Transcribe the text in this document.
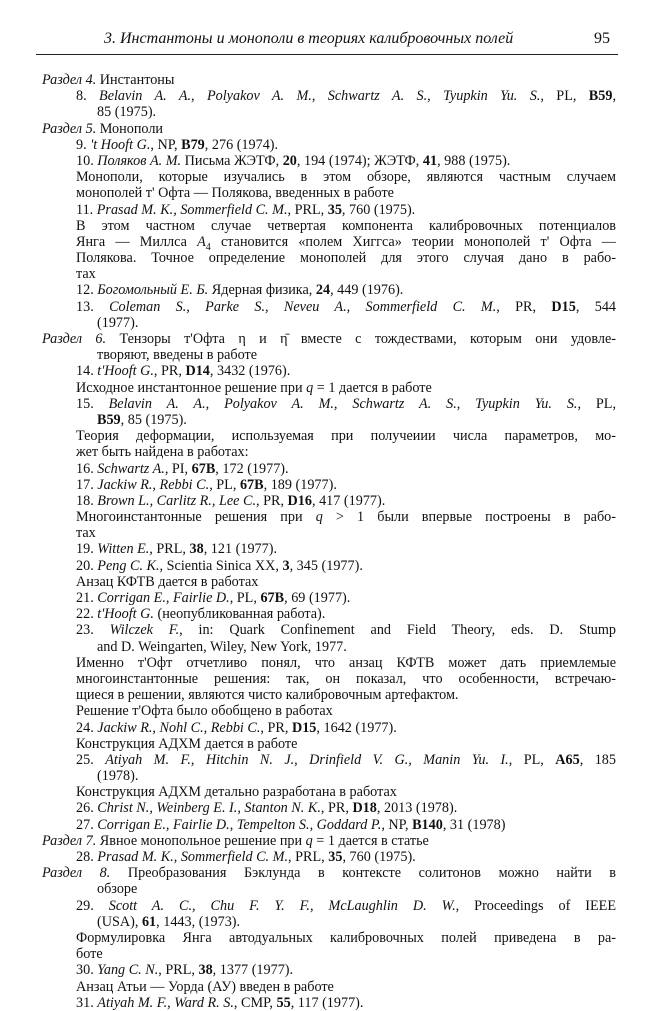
3. Инстантоны и монополи в теориях калибровочных полей	95
Раздел 4. Инстантоны
8. Belavin A. A., Polyakov A. M., Schwartz A. S., Tyupkin Yu. S., PL, B59,
85 (1975).
Раздел 5. Монополи
9. 't Hooft G., NP, B79, 276 (1974).
10. Поляков А. М. Письма ЖЭТФ, 20, 194 (1974); ЖЭТФ, 41, 988 (1975).
Монополи, которые изучались в этом обзоре, являются частным случаем
монополей т' Офта — Полякова, введенных в работе
11. Prasad M. K., Sommerfield C. M., PRL, 35, 760 (1975).
В этом частном случае четвертая компонента калибровочных потенциалов
Янга — Миллса $A_4$ становится «полем Хиггса» теории монополей т' Офта —
Полякова. Точное определение монополей для этого случая дано в рабо-
тах
12. Богомольный Е. Б. Ядерная физика, 24, 449 (1976).
13. Coleman S., Parke S., Neveu A., Sommerfield C. M., PR, D15, 544
(1977).
Раздел 6. Тензоры т'Офта η и η̄ вместе с тождествами, которым они удовле-
творяют, введены в работе
14. t'Hooft G., PR, D14, 3432 (1976).
Исходное инстантонное решение при q = 1 дается в работе
15. Belavin A. A., Polyakov A. M., Schwartz A. S., Tyupkin Yu. S., PL,
B59, 85 (1975).
Теория деформации, используемая при получеиии числа параметров, мо-
жет быть найдена в работах:
16. Schwartz A., PI, 67B, 172 (1977).
17. Jackiw R., Rebbi C., PL, 67B, 189 (1977).
18. Brown L., Carlitz R., Lee C., PR, D16, 417 (1977).
Многоинстантонные решения при q > 1 были впервые построены в рабо-
тах
19. Witten E., PRL, 38, 121 (1977).
20. Peng C. K., Scientia Sinica XX, 3, 345 (1977).
Анзац КФТВ дается в работах
21. Corrigan E., Fairlie D., PL, 67B, 69 (1977).
22. t'Hooft G. (неопубликованная работа).
23. Wilczek F., in: Quark Confinement and Field Theory, eds. D. Stump
and D. Weingarten, Wiley, New York, 1977.
Именно т'Офт отчетливо понял, что анзац КФТВ может дать приемлемые
многоинстантонные решения: так, он показал, что особенности, встречаю-
щиеся в решении, являются чисто калибровочным артефактом.
Решение т'Офта было обобщено в работах
24. Jackiw R., Nohl C., Rebbi C., PR, D15, 1642 (1977).
Конструкция АДХМ дается в работе
25. Atiyah M. F., Hitchin N. J., Drinfield V. G., Manin Yu. I., PL, A65, 185
(1978).
Конструкция АДХМ детально разработана в работах
26. Christ N., Weinberg E. I., Stanton N. K., PR, D18, 2013 (1978).
27. Corrigan E., Fairlie D., Tempelton S., Goddard P., NP, B140, 31 (1978)
Раздел 7. Явное монопольное решение при q = 1 дается в статье
28. Prasad M. K., Sommerfield C. M., PRL, 35, 760 (1975).
Раздел 8. Преобразования Бэклунда в контексте солитонов можно найти в
обзоре
29. Scott A. C., Chu F. Y. F., McLaughlin D. W., Proceedings of IEEE
(USA), 61, 1443, (1973).
Формулировка Янга автодуальных калибровочных полей приведена в ра-
боте
30. Yang C. N., PRL, 38, 1377 (1977).
Анзац Атьи — Уорда (АУ) введен в работе
31. Atiyah M. F., Ward R. S., CMP, 55, 117 (1977).
